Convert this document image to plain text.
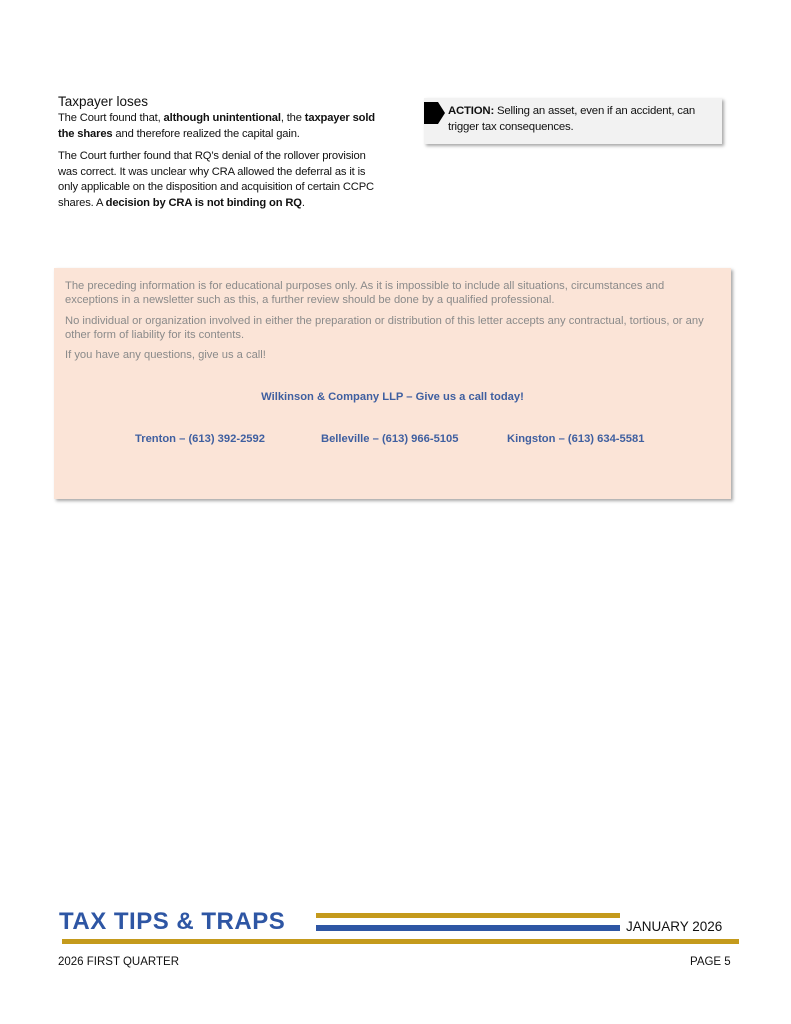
Taxpayer loses

The Court found that, although unintentional, the taxpayer sold the shares and therefore realized the capital gain.

The Court further found that RQ’s denial of the rollover provision was correct. It was unclear why CRA allowed the deferral as it is only applicable on the disposition and acquisition of certain CCPC shares. A decision by CRA is not binding on RQ.

ACTION: Selling an asset, even if an accident, can trigger tax consequences.

The preceding information is for educational purposes only. As it is impossible to include all situations, circumstances and exceptions in a newsletter such as this, a further review should be done by a qualified professional.

No individual or organization involved in either the preparation or distribution of this letter accepts any contractual, tortious, or any other form of liability for its contents.

If you have any questions, give us a call!

Wilkinson & Company LLP – Give us a call today!
Trenton – (613) 392-2592	Belleville – (613) 966-5105	Kingston – (613) 634-5581
TAX TIPS & TRAPS	JANUARY 2026
2026 FIRST QUARTER	PAGE 5
